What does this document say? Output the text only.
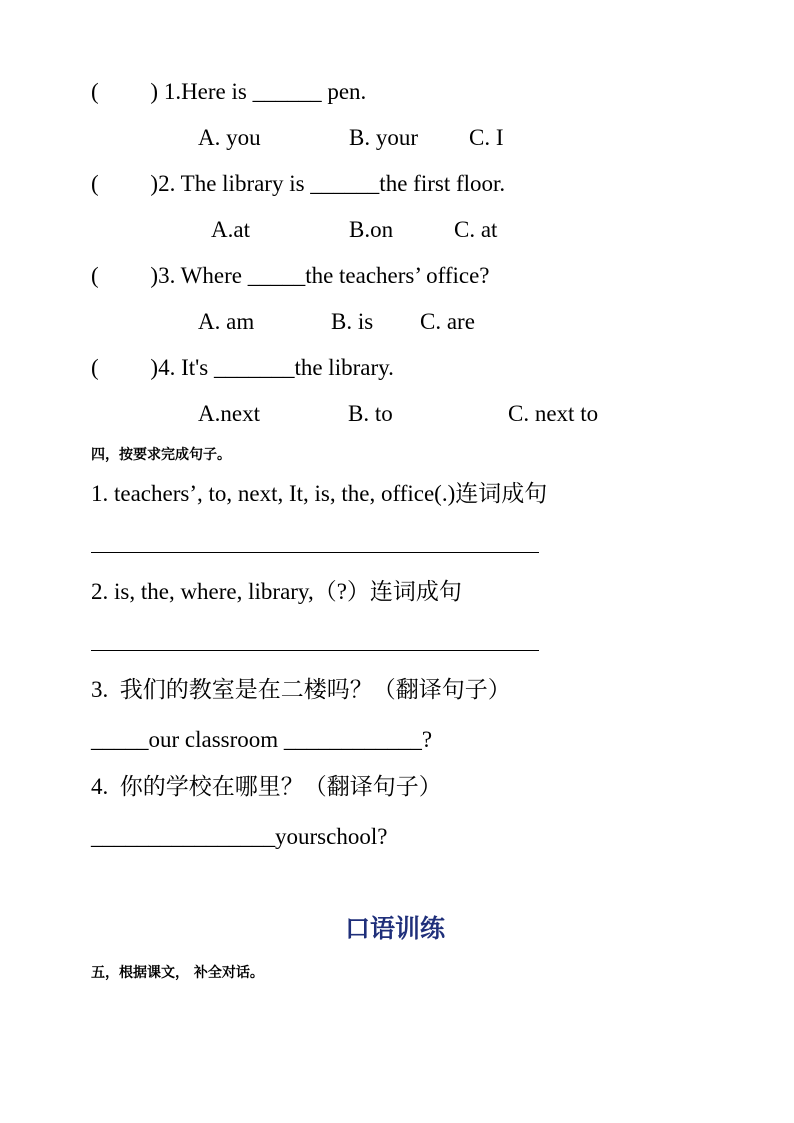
(         ) 1.Here is ______ pen.
A. you	B. your C. I
(         )2. The library is ______the first floor.
A.at	B.on	C. at
(         )3. Where _____the teachers’ office?
A. am	B. is C. are
(         )4. It's _______the library.
A.next	B. to	C. next to
四，按要求完成句子。
1. teachers’, to, next, It, is, the, office(.)连词成句
2. is, the, where, library,（?）连词成句
3.  我们的教室是在二楼吗？（翻译句子）
_____our classroom ____________?
4.  你的学校在哪里？（翻译句子）
________________yourschool?
口语训练
五，根据课文， 补全对话。
